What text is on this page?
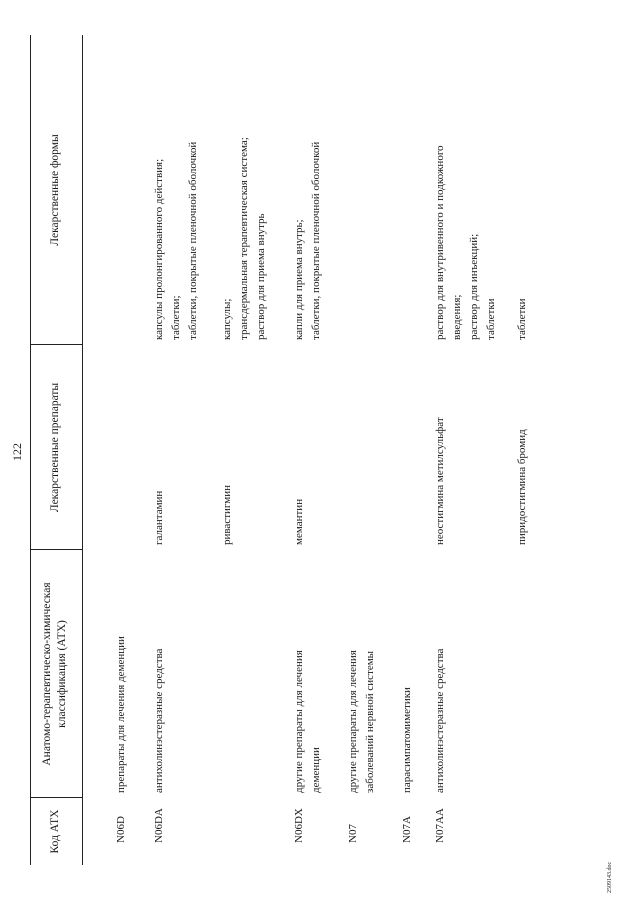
122
Код АТХ
Анатомо-терапевтическо-химическая классификация (АТХ)
Лекарственные препараты
Лекарственные формы
N06D
препараты для лечения деменции
N06DA
антихолинэстеразные средства
галантамин
капсулы пролонгированного действия; таблетки; таблетки, покрытые пленочной оболочкой
ривастигмин
капсулы; трансдермальная терапевтическая система; раствор для приема внутрь
N06DX
другие препараты для лечения деменции
мемантин
капли для приема внутрь; таблетки, покрытые пленочной оболочкой
N07
другие препараты для лечения заболеваний нервной системы
N07A
парасимпатомиметики
N07AA
антихолинэстеразные средства
неостигмина метилсульфат
раствор для внутривенного и подкожного введения; раствор для инъекций; таблетки
пиридостигмина бромид
таблетки
2509143.doc
